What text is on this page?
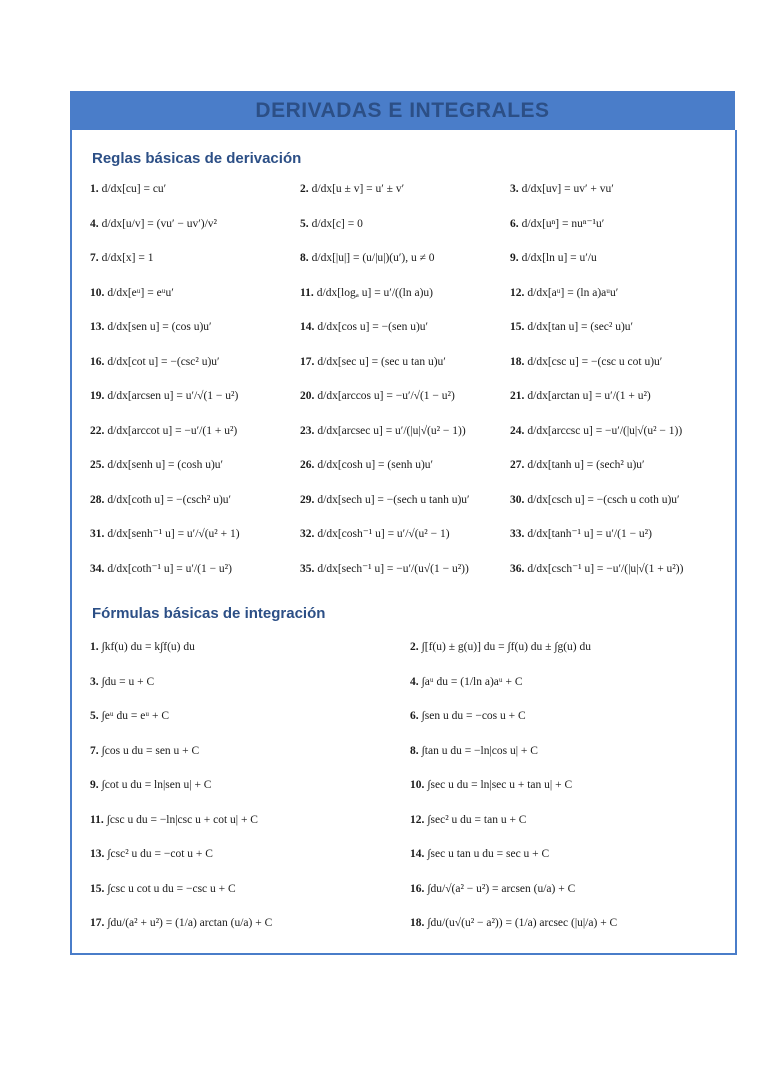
DERIVADAS E INTEGRALES
Reglas básicas de derivación
1. d/dx[cu] = cu′	2. d/dx[u ± v] = u′ ± v′	3. d/dx[uv] = uv′ + vu′
4. d/dx[u/v] = (vu′ − uv′)/v²	5. d/dx[c] = 0	6. d/dx[uⁿ] = nuⁿ⁻¹u′
7. d/dx[x] = 1	8. d/dx[|u|] = (u/|u|)(u′), u ≠ 0	9. d/dx[ln u] = u′/u
10. d/dx[eᵘ] = eᵘu′	11. d/dx[logₐ u] = u′/((ln a)u)	12. d/dx[aᵘ] = (ln a)aᵘu′
13. d/dx[sen u] = (cos u)u′	14. d/dx[cos u] = −(sen u)u′	15. d/dx[tan u] = (sec² u)u′
16. d/dx[cot u] = −(csc² u)u′	17. d/dx[sec u] = (sec u tan u)u′	18. d/dx[csc u] = −(csc u cot u)u′
19. d/dx[arcsen u] = u′/√(1 − u²)	20. d/dx[arccos u] = −u′/√(1 − u²)	21. d/dx[arctan u] = u′/(1 + u²)
22. d/dx[arccot u] = −u′/(1 + u²)	23. d/dx[arcsec u] = u′/(|u|√(u² − 1))	24. d/dx[arccsc u] = −u′/(|u|√(u² − 1))
25. d/dx[senh u] = (cosh u)u′	26. d/dx[cosh u] = (senh u)u′	27. d/dx[tanh u] = (sech² u)u′
28. d/dx[coth u] = −(csch² u)u′	29. d/dx[sech u] = −(sech u tanh u)u′	30. d/dx[csch u] = −(csch u coth u)u′
31. d/dx[senh⁻¹ u] = u′/√(u² + 1)	32. d/dx[cosh⁻¹ u] = u′/√(u² − 1)	33. d/dx[tanh⁻¹ u] = u′/(1 − u²)
34. d/dx[coth⁻¹ u] = u′/(1 − u²)	35. d/dx[sech⁻¹ u] = −u′/(u√(1 − u²))	36. d/dx[csch⁻¹ u] = −u′/(|u|√(1 + u²))
Fórmulas básicas de integración
1. ∫kf(u) du = k∫f(u) du	2. ∫[f(u) ± g(u)] du = ∫f(u) du ± ∫g(u) du
3. ∫du = u + C	4. ∫aᵘ du = (1/ln a)aᵘ + C
5. ∫eᵘ du = eᵘ + C	6. ∫sen u du = −cos u + C
7. ∫cos u du = sen u + C	8. ∫tan u du = −ln|cos u| + C
9. ∫cot u du = ln|sen u| + C	10. ∫sec u du = ln|sec u + tan u| + C
11. ∫csc u du = −ln|csc u + cot u| + C	12. ∫sec² u du = tan u + C
13. ∫csc² u du = −cot u + C	14. ∫sec u tan u du = sec u + C
15. ∫csc u cot u du = −csc u + C	16. ∫du/√(a² − u²) = arcsen (u/a) + C
17. ∫du/(a² + u²) = (1/a) arctan (u/a) + C	18. ∫du/(u√(u² − a²)) = (1/a) arcsec (|u|/a) + C
